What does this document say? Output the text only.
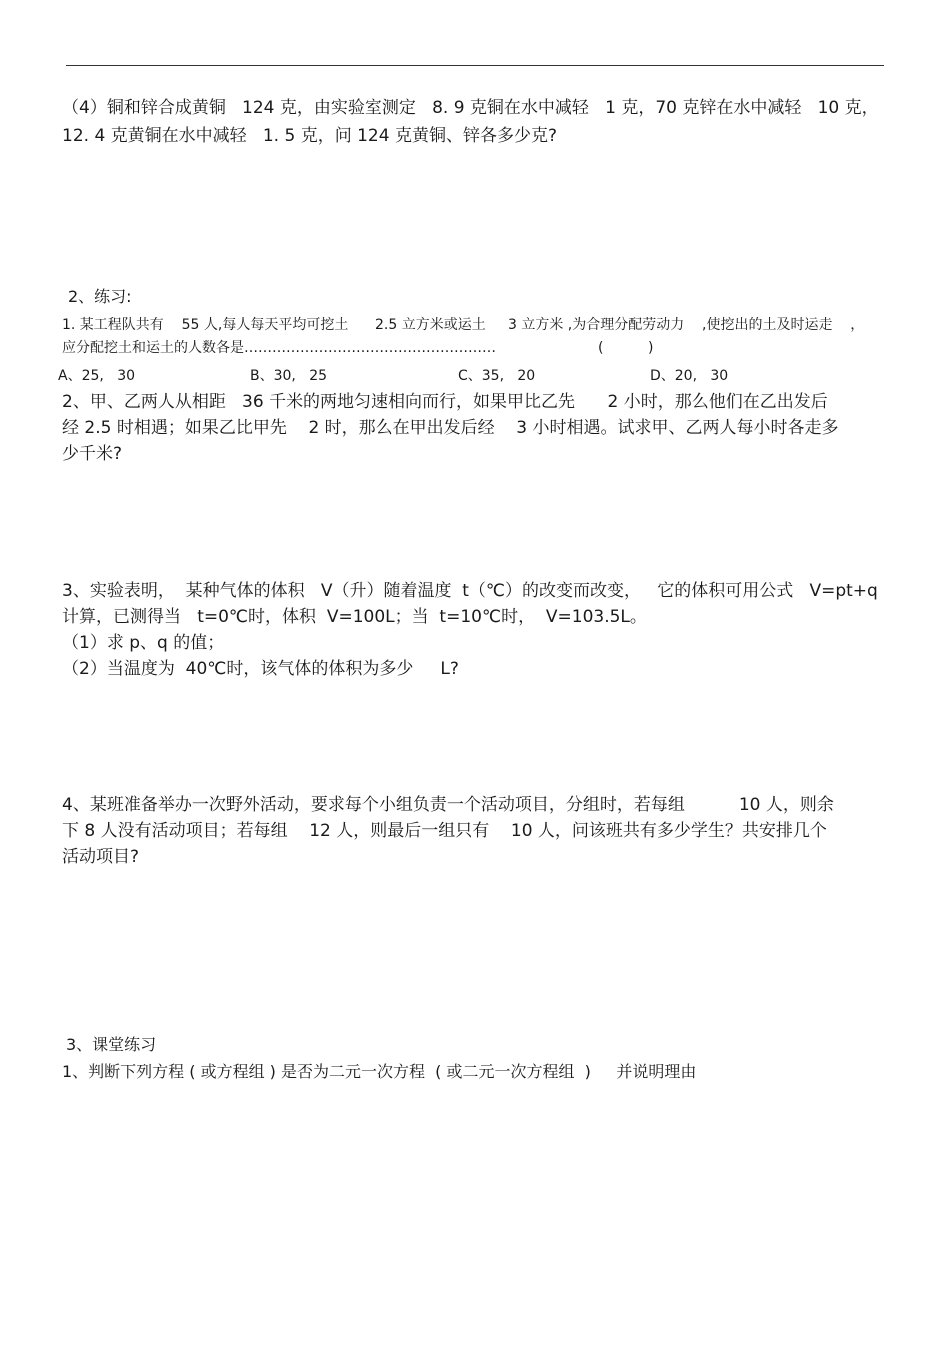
（4）铜和锌合成黄铜   124 克，由实验室测定   8. 9 克铜在水中减轻   1 克，70 克锌在水中减轻   10 克，
12. 4 克黄铜在水中减轻   1. 5 克，问 124 克黄铜、锌各多少克?
2、练习:
1. 某工程队共有    55 人,每人每天平均可挖土      2.5 立方米或运土     3 立方米 ,为合理分配劳动力    ,使挖出的土及时运走    ，
应分配挖土和运土的人数各是………………………………………………	(          )
A、25,   30	B、30,   25	C、35,   20	D、20,   30
2、甲、乙两人从相距   36 千米的两地匀速相向而行，如果甲比乙先      2 小时，那么他们在乙出发后
经 2.5 时相遇；如果乙比甲先    2 时，那么在甲出发后经    3 小时相遇。试求甲、乙两人每小时各走多
少千米?
3、实验表明，  某种气体的体积   V（升）随着温度  t（℃）的改变而改变，   它的体积可用公式   V=pt+q
计算，已测得当   t=0℃时，体积  V=100L；当  t=10℃时，  V=103.5L。
（1）求 p、q 的值；
（2）当温度为  40℃时，该气体的体积为多少     L?
4、某班准备举办一次野外活动，要求每个小组负责一个活动项目，分组时，若每组          10 人，则余
下 8 人没有活动项目；若每组    12 人，则最后一组只有    10 人，问该班共有多少学生？共安排几个
活动项目?
3、课堂练习
1、判断下列方程 ( 或方程组 ) 是否为二元一次方程  ( 或二元一次方程组  )     并说明理由
